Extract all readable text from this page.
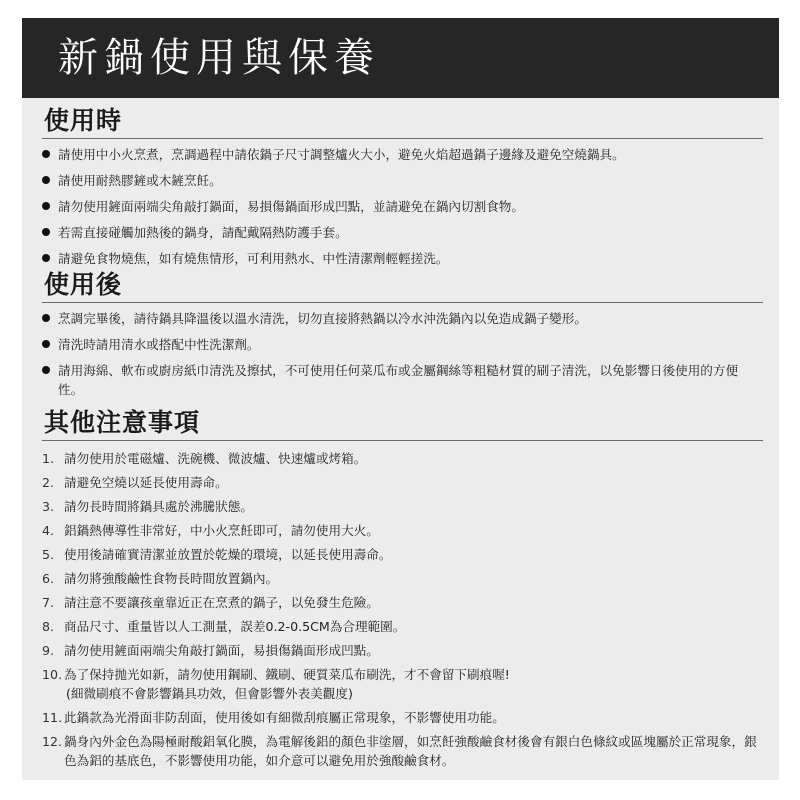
新鍋使用與保養
使用時
請使用中小火烹煮，烹調過程中請依鍋子尺寸調整爐火大小，避免火焰超過鍋子邊緣及避免空燒鍋具。
請使用耐熱膠鏟或木鏟烹飪。
請勿使用鏟面兩端尖角敲打鍋面，易損傷鍋面形成凹點，並請避免在鍋內切割食物。
若需直接碰觸加熱後的鍋身，請配戴隔熱防護手套。
請避免食物燒焦，如有燒焦情形，可利用熱水、中性清潔劑輕輕搓洗。
使用後
烹調完畢後，請待鍋具降溫後以溫水清洗，切勿直接將熱鍋以冷水沖洗鍋內以免造成鍋子變形。
清洗時請用清水或搭配中性洗潔劑。
請用海綿、軟布或廚房紙巾清洗及擦拭，不可使用任何菜瓜布或金屬鋼絲等粗糙材質的刷子清洗，以免影響日後使用的方便性。
其他注意事項
1. 請勿使用於電磁爐、洗碗機、微波爐、快速爐或烤箱。
2. 請避免空燒以延長使用壽命。
3. 請勿長時間將鍋具處於沸騰狀態。
4. 鋁鍋熱傳導性非常好，中小火烹飪即可，請勿使用大火。
5. 使用後請確實清潔並放置於乾燥的環境，以延長使用壽命。
6. 請勿將強酸鹼性食物長時間放置鍋內。
7. 請注意不要讓孩童靠近正在烹煮的鍋子，以免發生危險。
8. 商品尺寸、重量皆以人工測量，誤差0.2-0.5CM為合理範圍。
9. 請勿使用鏟面兩端尖角敲打鍋面，易損傷鍋面形成凹點。
10. 為了保持拋光如新，請勿使用鋼刷、鐵刷、硬質菜瓜布刷洗，才不會留下刷痕喔!
(細微刷痕不會影響鍋具功效，但會影響外表美觀度)
11. 此鍋款為光滑面非防刮面，使用後如有細微刮痕屬正常現象，不影響使用功能。
12. 鍋身內外金色為陽極耐酸鋁氧化膜，為電解後鋁的顏色非塗層，如烹飪強酸鹼食材後會有銀白色條紋或區塊屬於正常現象，銀色為鋁的基底色，不影響使用功能，如介意可以避免用於強酸鹼食材。
